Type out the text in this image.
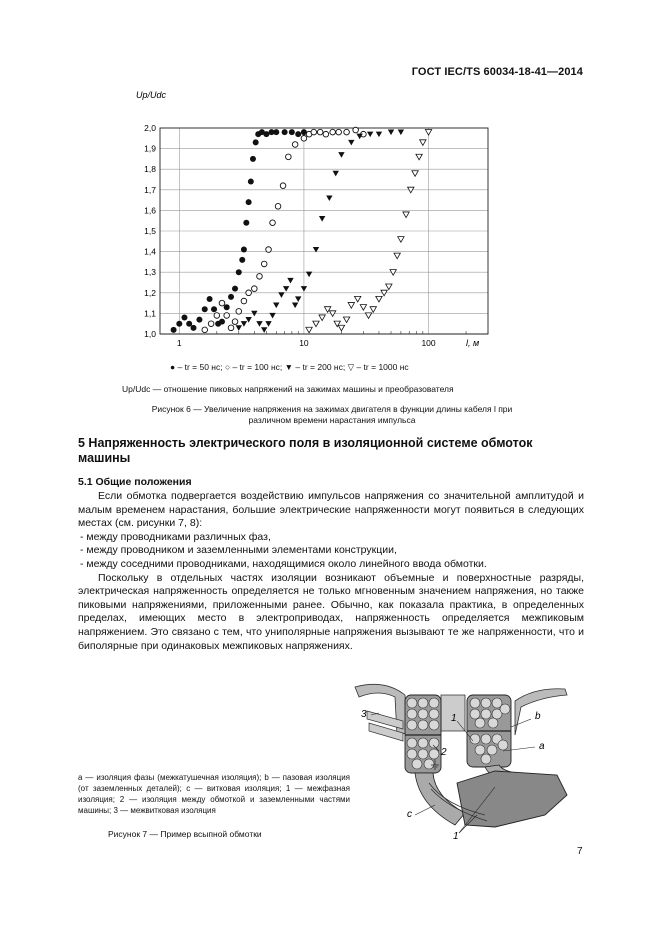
ГОСТ IEC/TS 60034-18-41—2014
Up/Udc
1,0
1,1
1,2
1,3
1,4
1,5
1,6
1,7
1,8
1,9
2,0
1	10	100	l, м
● – tr = 50 нс; ○ – tr = 100 нс; ▼ – tr = 200 нс; ▽ – tr = 1000 нс
Up/Udc — отношение пиковых напряжений на зажимах машины и преобразователя
Рисунок 6 — Увеличение напряжения на зажимах двигателя в функции длины кабеля l при различном времени нарастания импульса
5 Напряженность электрического поля в изоляционной системе обмоток машины
5.1 Общие положения

Если обмотка подвергается воздействию импульсов напряжения со значительной амплитудой и малым временем нарастания, большие электрические напряженности могут появиться в следующих местах (см. рисунки 7, 8):

- между проводниками различных фаз,

- между проводником и заземленными элементами конструкции,

- между соседними проводниками, находящимися около линейного ввода обмотки.

Поскольку в отдельных частях изоляции возникают объемные и поверхностные разряды, электрическая напряженность определяется не только мгновенным значением напряжения, но также пиковыми напряжениями, приложенными ранее. Обычно, как показала практика, в определенных пределах, имеющих место в электроприводах, напряженность определяется межпиковым напряжением. Это связано с тем, что униполярные напряжения вызывают те же напряженности, что и биполярные при одинаковых межпиковых напряжениях.

3	1	b
2
a
c
1
a — изоляция фазы (межкатушечная изоляция); b — пазовая изоляция (от заземленных деталей); c — витковая изоляция; 1 — межфазная изоляция; 2 — изоляция между обмоткой и заземленными частями машины; 3 — межвитковая изоляция
Рисунок 7 — Пример всыпной обмотки
7
